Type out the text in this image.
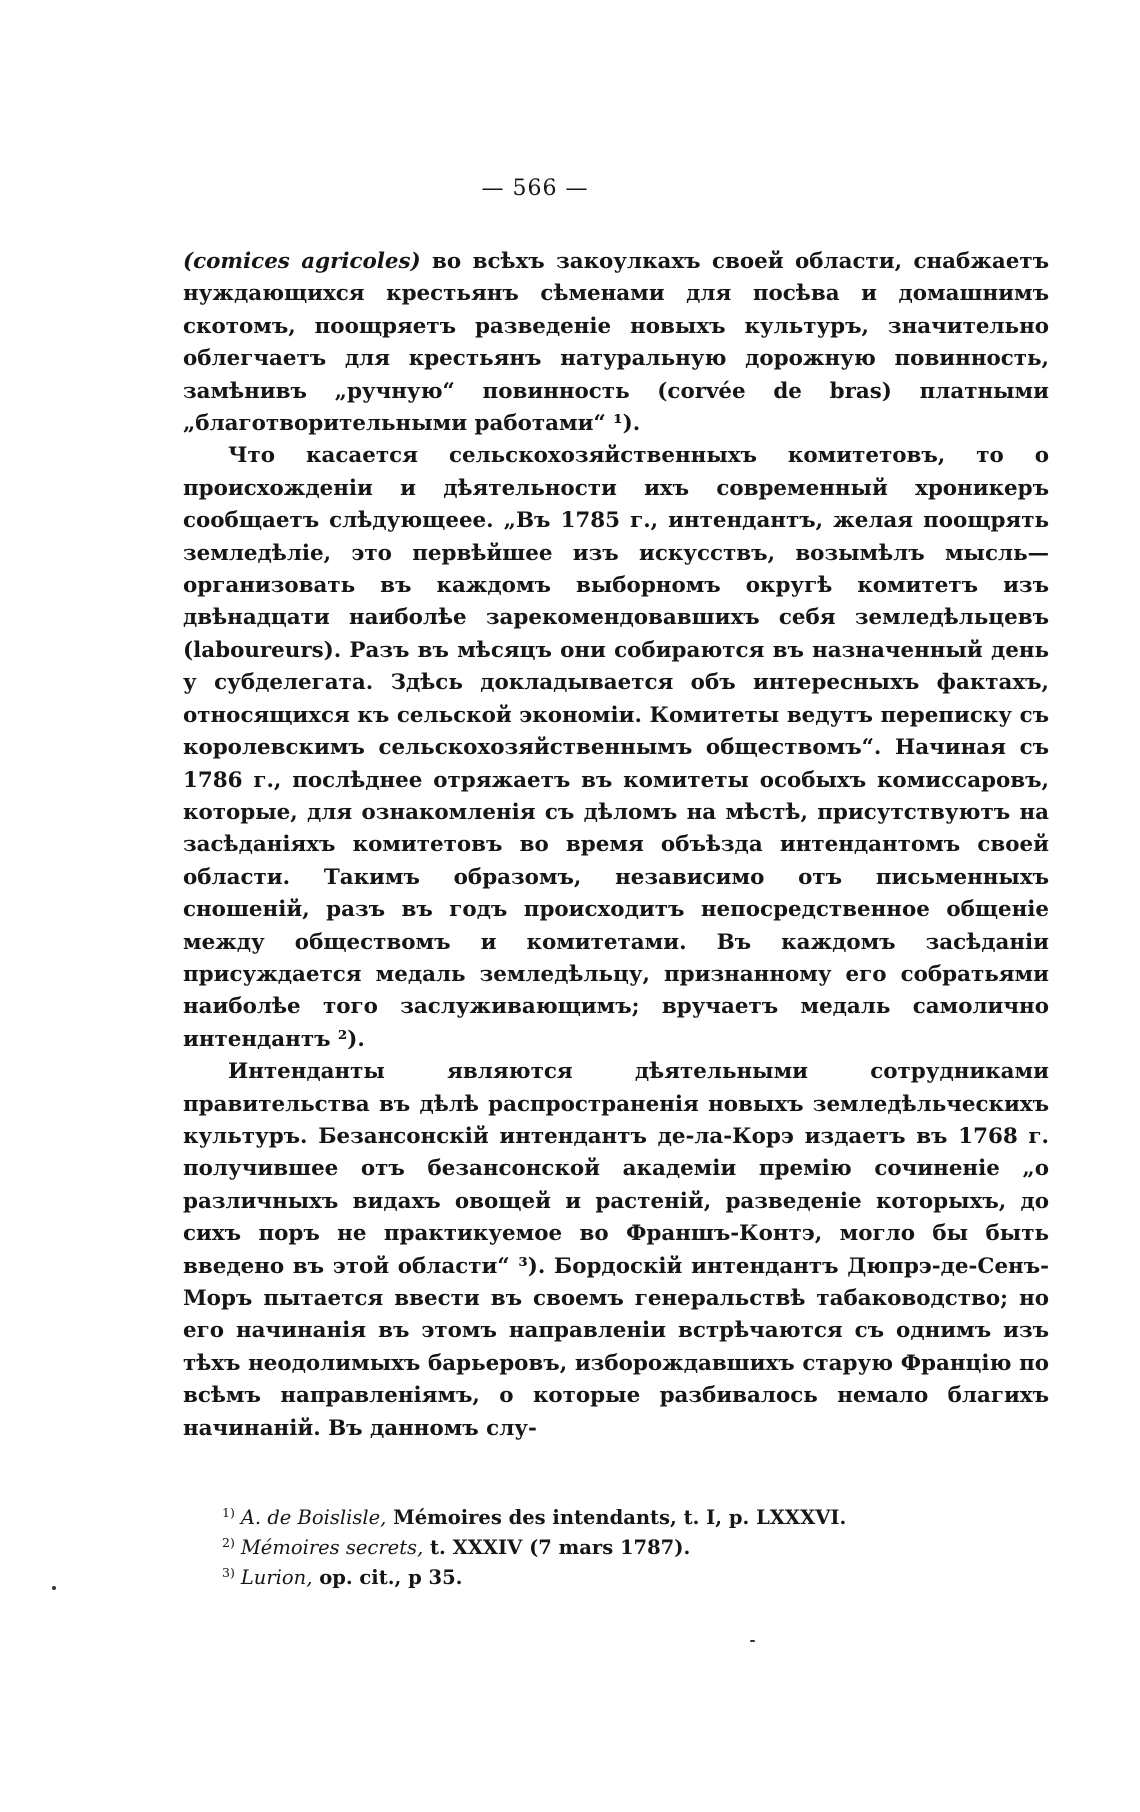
— 566 —

(comices agricoles) во всѣхъ закоулкахъ своей области, снабжаетъ нуждающихся крестьянъ сѣменами для посѣва и домашнимъ скотомъ, поощряетъ разведеніе новыхъ культуръ, значительно облегчаетъ для крестьянъ натуральную дорожную повинность, замѣнивъ „ручную“ повинность (corvée de bras) платными „благотворительными работами“ ¹).

Что касается сельскохозяйственныхъ комитетовъ, то о происхожденіи и дѣятельности ихъ современный хроникеръ сообщаетъ слѣдующееe. „Въ 1785 г., интендантъ, желая поощрять земледѣліе, это первѣйшее изъ искусствъ, возымѣлъ мысль—организовать въ каждомъ выборномъ округѣ комитетъ изъ двѣнадцати наиболѣе зарекомендовавшихъ себя земледѣльцевъ (laboureurs). Разъ въ мѣсяцъ они собираются въ назначенный день у субделегата. Здѣсь докладывается объ интересныхъ фактахъ, относящихся къ сельской экономіи. Комитеты ведутъ переписку съ королевскимъ сельскохозяйственнымъ обществомъ“. Начиная съ 1786 г., послѣднее отряжаетъ въ комитеты особыхъ комиссаровъ, которые, для ознакомленія съ дѣломъ на мѣстѣ, присутствуютъ на засѣданіяхъ комитетовъ во время объѣзда интендантомъ своей области. Такимъ образомъ, независимо отъ письменныхъ сношеній, разъ въ годъ происходитъ непосредственное общеніе между обществомъ и комитетами. Въ каждомъ засѣданіи присуждается медаль земледѣльцу, признанному его собратьями наиболѣе того заслуживающимъ; вручаетъ медаль самолично интендантъ ²).

Интенданты являются дѣятельными сотрудниками правительства въ дѣлѣ распространенія новыхъ земледѣльческихъ культуръ. Безансонскій интендантъ де-ла-Корэ издаетъ въ 1768 г. получившее отъ безансонской академіи премію сочиненіе „о различныхъ видахъ овощей и растеній, разведеніе которыхъ, до сихъ поръ не практикуемое во Франшъ-Контэ, могло бы быть введено въ этой области“ ³). Бордоскій интендантъ Дюпрэ-де-Сенъ-Моръ пытается ввести въ своемъ генеральствѣ табаководство; но его начинанія въ этомъ направленіи встрѣчаются съ однимъ изъ тѣхъ неодолимыхъ барьеровъ, изборождавшихъ старую Францію по всѣмъ направленіямъ, о которые разбивалось немало благихъ начинаній. Въ данномъ слу-

$^{1)}$ A. de Boislisle, Mémoires des intendants, t. I, p. LXXXVI.

$^{2)}$ Mémoires secrets, t. XXXIV (7 mars 1787).

$^{3)}$ Lurion, op. cit., p 35.
